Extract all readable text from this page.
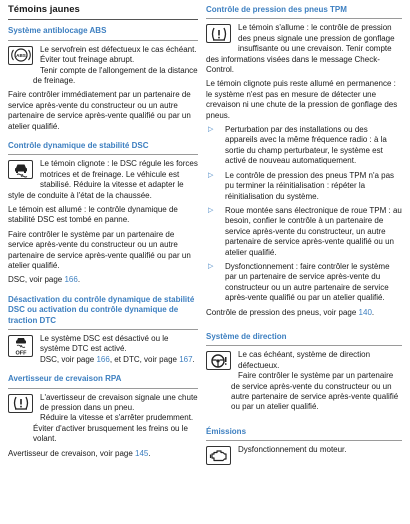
Témoins jaunes

Système antiblocage ABS

ABS

Le servofrein est défectueux le cas échéant. Éviter tout freinage abrupt.

Tenir compte de l'allongement de la distance de freinage.

Faire contrôler immédiatement par un partenaire de service après-vente du constructeur ou un autre partenaire de service après-vente qualifié ou par un atelier qualifié.

Contrôle dynamique de stabilité DSC

Le témoin clignote : le DSC régule les forces motrices et de freinage. Le véhicule est stabilisé. Réduire la vitesse et adapter le style de conduite à l'état de la chaussée.

Le témoin est allumé : le contrôle dynamique de stabilité DSC est tombé en panne.

Faire contrôler le système par un partenaire de service après-vente du constructeur ou un autre partenaire de service après-vente qualifié ou par un atelier qualifié.

DSC, voir page 166.

Désactivation du contrôle dynamique de stabilité DSC ou activation du contrôle dynamique de traction DTC

OFF

Le système DSC est désactivé ou le système DTC est activé.

DSC, voir page 166, et DTC, voir page 167.

Avertisseur de crevaison RPA

L'avertisseur de crevaison signale une chute de pression dans un pneu.

Réduire la vitesse et s'arrêter prudemment. Éviter d'activer brusquement les freins ou le volant.

Avertisseur de crevaison, voir page 145.

Contrôle de pression des pneus TPM

Le témoin s'allume : le contrôle de pression des pneus signale une pression de gonflage insuffisante ou une crevaison. Tenir compte des informations visées dans le message Check-Control.

Le témoin clignote puis reste allumé en permanence : le système n'est pas en mesure de détecter une crevaison ni une chute de la pression de gonflage des pneus.

▷ Perturbation par des installations ou des appareils avec la même fréquence radio : à la sortie du champ perturbateur, le système est activé de nouveau automatiquement.
▷ Le contrôle de pression des pneus TPM n'a pas pu terminer la réinitialisation : répéter la réinitialisation du système.
▷ Roue montée sans électronique de roue TPM : au besoin, confier le contrôle à un partenaire de service après-vente du constructeur, un autre partenaire de service après-vente qualifié ou un atelier qualifié.
▷ Dysfonctionnement : faire contrôler le système par un partenaire de service après-vente du constructeur ou un autre partenaire de service après-vente qualifié ou par un atelier qualifié.

Contrôle de pression des pneus, voir page 140.

Système de direction

Le cas échéant, système de direction défectueux.

Faire contrôler le système par un partenaire de service après-vente du constructeur ou un autre partenaire de service après-vente qualifié ou par un atelier qualifié.

Émissions

Dysfonctionnement du moteur.
